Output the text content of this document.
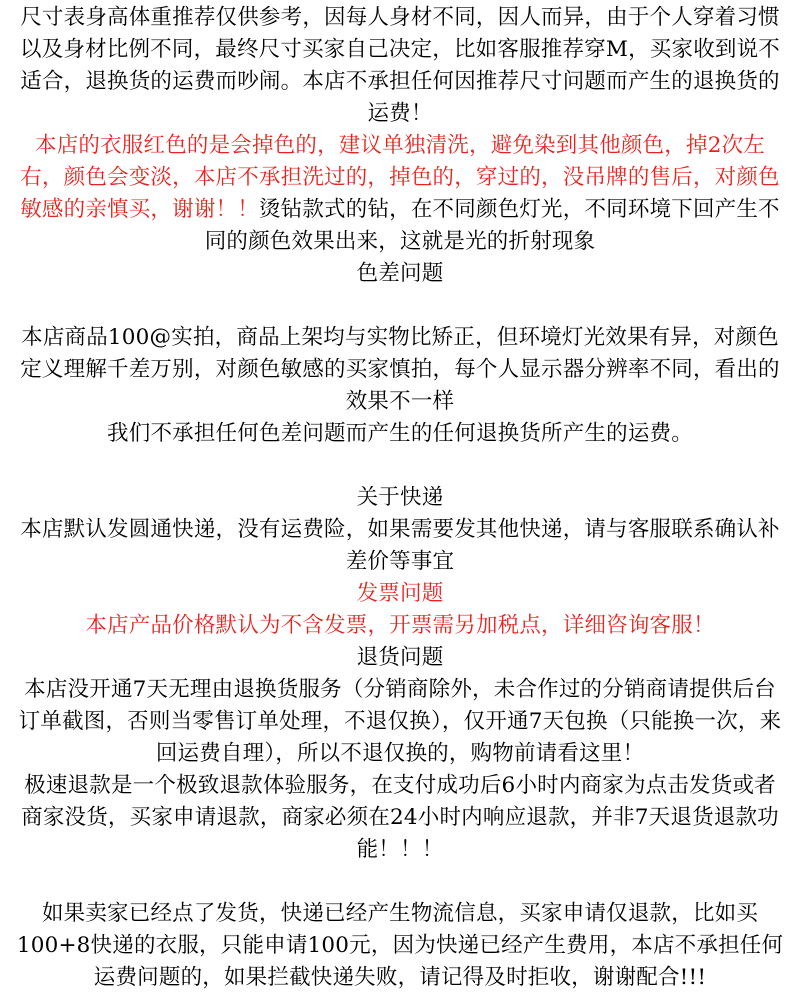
尺寸表身高体重推荐仅供参考，因每人身材不同，因人而异，由于个人穿着习惯以及身材比例不同，最终尺寸买家自己决定，比如客服推荐穿M，买家收到说不适合，退换货的运费而吵闹。本店不承担任何因推荐尺寸问题而产生的退换货的运费！

本店的衣服红色的是会掉色的，建议单独清洗，避免染到其他颜色，掉2次左右，颜色会变淡，本店不承担洗过的，掉色的，穿过的，没吊牌的售后，对颜色敏感的亲慎买，谢谢！！烫钻款式的钻，在不同颜色灯光，不同环境下回产生不同的颜色效果出来，这就是光的折射现象

色差问题

本店商品100@实拍，商品上架均与实物比矫正，但环境灯光效果有异，对颜色定义理解千差万别，对颜色敏感的买家慎拍，每个人显示器分辨率不同，看出的效果不一样

我们不承担任何色差问题而产生的任何退换货所产生的运费。

关于快递

本店默认发圆通快递，没有运费险，如果需要发其他快递，请与客服联系确认补差价等事宜

发票问题

本店产品价格默认为不含发票，开票需另加税点，详细咨询客服！

退货问题

本店没开通7天无理由退换货服务（分销商除外，未合作过的分销商请提供后台订单截图，否则当零售订单处理，不退仅换），仅开通7天包换（只能换一次，来回运费自理），所以不退仅换的，购物前请看这里！

极速退款是一个极致退款体验服务，在支付成功后6小时内商家为点击发货或者商家没货，买家申请退款，商家必须在24小时内响应退款，并非7天退货退款功能！！！

如果卖家已经点了发货，快递已经产生物流信息，买家申请仅退款，比如买100+8快递的衣服，只能申请100元，因为快递已经产生费用，本店不承担任何运费问题的，如果拦截快递失败，请记得及时拒收，谢谢配合!!!
